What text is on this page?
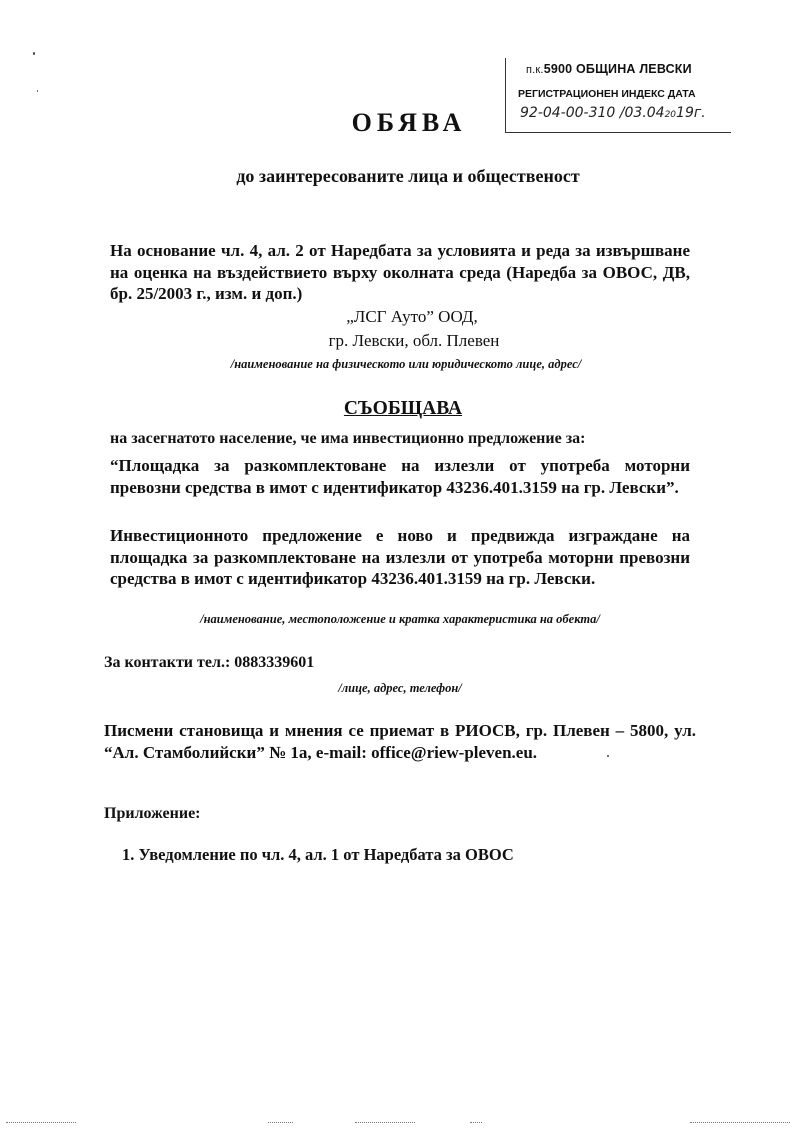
п.к.5900 ОБЩИНА ЛЕВСКИ
РЕГИСТРАЦИОНЕН ИНДЕКС ДАТА
92-04-00-310 /03.042019г.
ОБЯВА
до заинтересованите лица и общественост
На основание чл. 4, ал. 2 от Наредбата за условията и реда за извършване на оценка на въздействието върху околната среда (Наредба за ОВОС, ДВ, бр. 25/2003 г., изм. и доп.)
„ЛСГ Ауто” ООД,
гр. Левски, обл. Плевен
/наименование на физическото или юридическото лице, адрес/
СЪОБЩАВА
на засегнатото население, че има инвестиционно предложение за:
“Площадка за разкомплектоване на излезли от употреба моторни превозни средства в имот с идентификатор 43236.401.3159 на гр. Левски”.
Инвестиционното предложение е ново и предвижда изграждане на площадка за разкомплектоване на излезли от употреба моторни превозни средства в имот с идентификатор 43236.401.3159 на гр. Левски.
/наименование, местоположение и кратка характеристика на обекта/
За контакти тел.: 0883339601
/лице, адрес, телефон/
Писмени становища и мнения се приемат в РИОСВ, гр. Плевен – 5800, ул. “Ал. Стамболийски” № 1а, e-mail: office@riew-pleven.eu.
Приложение:
1. Уведомление по чл. 4, ал. 1 от Наредбата за ОВОС
